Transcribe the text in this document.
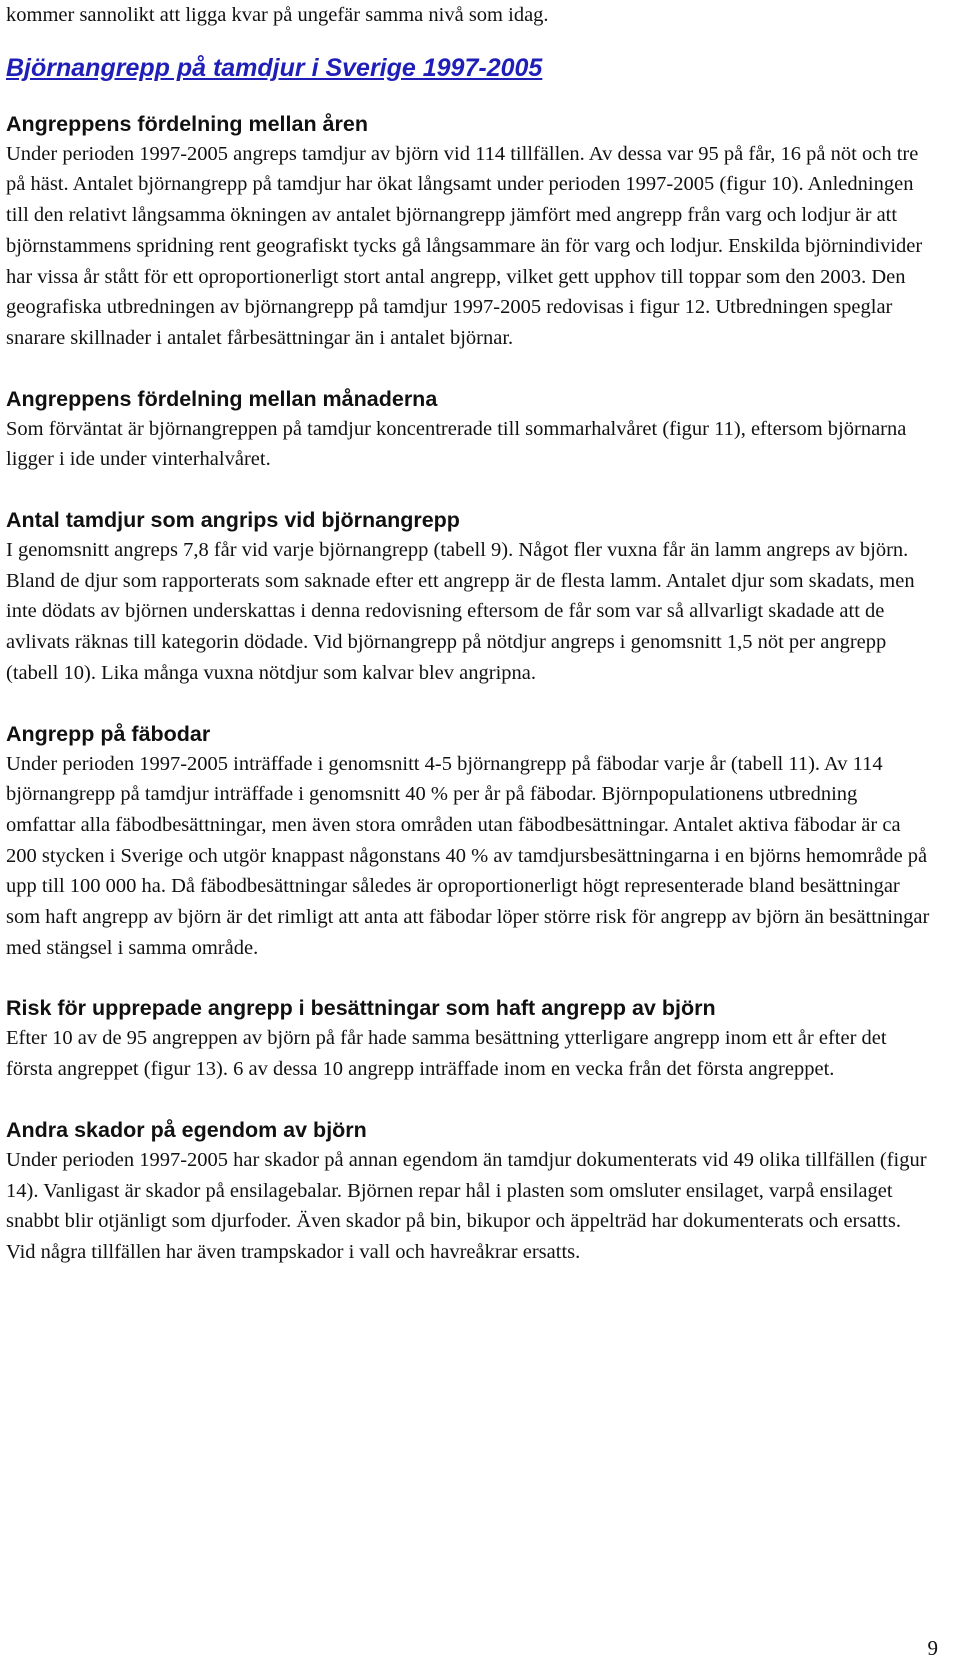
kommer sannolikt att ligga kvar på ungefär samma nivå som idag.

Björnangrepp på tamdjur i Sverige 1997-2005
Angreppens fördelning mellan åren

Under perioden 1997-2005 angreps tamdjur av björn vid 114 tillfällen. Av dessa var 95 på får, 16 på nöt och tre på häst. Antalet björnangrepp på tamdjur har ökat långsamt under perioden 1997-2005 (figur 10). Anledningen till den relativt långsamma ökningen av antalet björnangrepp jämfört med angrepp från varg och lodjur är att björnstammens spridning rent geografiskt tycks gå långsammare än för varg och lodjur. Enskilda björnindivider har vissa år stått för ett oproportionerligt stort antal angrepp, vilket gett upphov till toppar som den 2003. Den geografiska utbredningen av björnangrepp på tamdjur 1997-2005 redovisas i figur 12. Utbredningen speglar snarare skillnader i antalet fårbesättningar än i antalet björnar.

Angreppens fördelning mellan månaderna

Som förväntat är björnangreppen på tamdjur koncentrerade till sommarhalvåret (figur 11), eftersom björnarna ligger i ide under vinterhalvåret.

Antal tamdjur som angrips vid björnangrepp

I genomsnitt angreps 7,8 får vid varje björnangrepp (tabell 9). Något fler vuxna får än lamm angreps av björn. Bland de djur som rapporterats som saknade efter ett angrepp är de flesta lamm. Antalet djur som skadats, men inte dödats av björnen underskattas i denna redovisning eftersom de får som var så allvarligt skadade att de avlivats räknas till kategorin dödade. Vid björnangrepp på nötdjur angreps i genomsnitt 1,5 nöt per angrepp (tabell 10). Lika många vuxna nötdjur som kalvar blev angripna.

Angrepp på fäbodar

Under perioden 1997-2005 inträffade i genomsnitt 4-5 björnangrepp på fäbodar varje år (tabell 11). Av 114 björnangrepp på tamdjur inträffade i genomsnitt 40 % per år på fäbodar. Björnpopulationens utbredning omfattar alla fäbodbesättningar, men även stora områden utan fäbodbesättningar. Antalet aktiva fäbodar är ca 200 stycken i Sverige och utgör knappast någonstans 40 % av tamdjursbesättningarna i en björns hemområde på upp till 100 000 ha. Då fäbodbesättningar således är oproportionerligt högt representerade bland besättningar som haft angrepp av björn är det rimligt att anta att fäbodar löper större risk för angrepp av björn än besättningar med stängsel i samma område.

Risk för upprepade angrepp i besättningar som haft angrepp av björn

Efter 10 av de 95 angreppen av björn på får hade samma besättning ytterligare angrepp inom ett år efter det första angreppet (figur 13). 6 av dessa 10 angrepp inträffade inom en vecka från det första angreppet.

Andra skador på egendom av björn

Under perioden 1997-2005 har skador på annan egendom än tamdjur dokumenterats vid 49 olika tillfällen (figur 14). Vanligast är skador på ensilagebalar. Björnen repar hål i plasten som omsluter ensilaget, varpå ensilaget snabbt blir otjänligt som djurfoder. Även skador på bin, bikupor och äppelträd har dokumenterats och ersatts. Vid några tillfällen har även trampskador i vall och havreåkrar ersatts.

9
